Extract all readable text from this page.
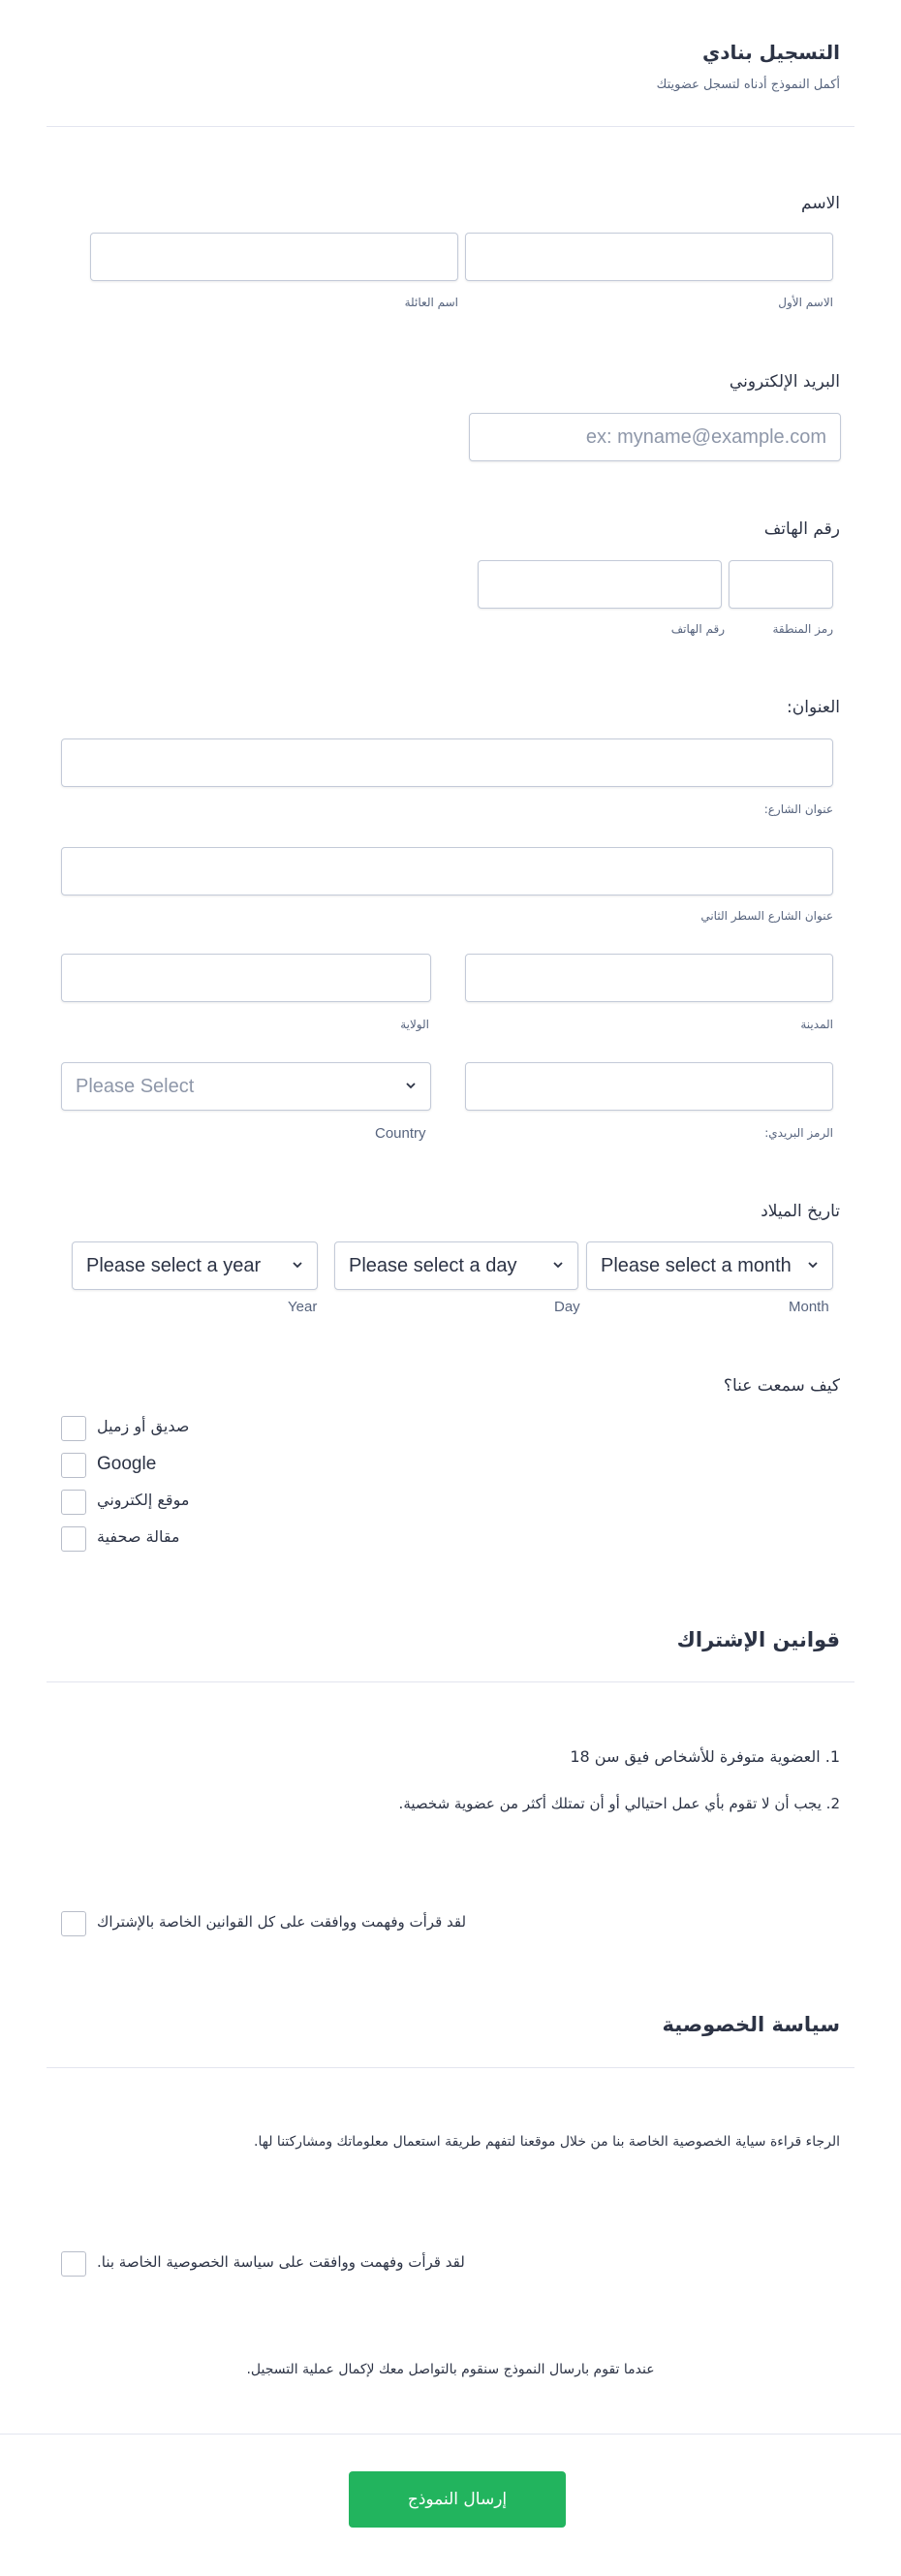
التسجيل بنادي
أكمل النموذج أدناه لتسجل عضويتك
الاسم
الاسم الأول
اسم العائلة
البريد الإلكتروني
ex: myname@example.com
رقم الهاتف
رمز المنطقة
رقم الهاتف
العنوان:
عنوان الشارع:
عنوان الشارع السطر الثاني
المدينة
الولاية
Please Select
الرمز البريدي:
Country
تاريخ الميلاد
Please select a month
Please select a day
Please select a year
Month
Day
Year
كيف سمعت عنا؟
صديق أو زميل
Google
موقع إلكتروني
مقالة صحفية
قوانين الإشتراك
1. العضوية متوفرة للأشخاص فيق سن 18
2. يجب أن لا تقوم بأي عمل احتيالي أو أن تمتلك أكثر من عضوية شخصية.
لقد قرأت وفهمت ووافقت على كل القوانين الخاصة بالإشتراك
سياسة الخصوصية
الرجاء قراءة سياية الخصوصية الخاصة بنا من خلال موقعنا لتفهم طريقة استعمال معلوماتك ومشاركتنا لها.
لقد قرأت وفهمت ووافقت على سياسة الخصوصية الخاصة بنا.
عندما تقوم بارسال النموذج سنقوم بالتواصل معك لإكمال عملية التسجيل.
إرسال النموذج
